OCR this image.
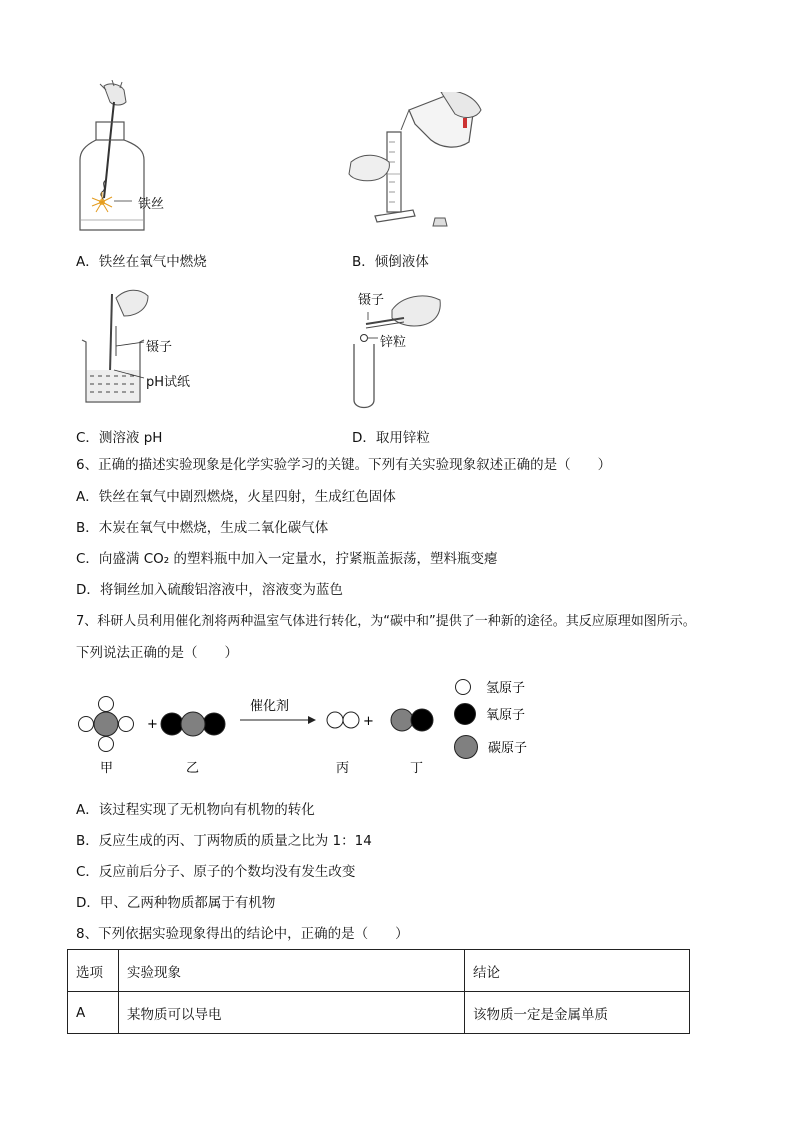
铁丝
A．铁丝在氧气中燃烧	B．倾倒液体
镊子
pH试纸
C．测溶液 pH
镊子
锌粒
D．取用锌粒
6、正确的描述实验现象是化学实验学习的关键。下列有关实验现象叙述正确的是（　　）
A．铁丝在氧气中剧烈燃烧，火星四射，生成红色固体
B．木炭在氧气中燃烧，生成二氧化碳气体
C．向盛满 CO₂ 的塑料瓶中加入一定量水，拧紧瓶盖振荡，塑料瓶变瘪
D．将铜丝加入硫酸铝溶液中，溶液变为蓝色
7、科研人员利用催化剂将两种温室气体进行转化，为“碳中和”提供了一种新的途径。其反应原理如图所示。
下列说法正确的是（　　）
+
催化剂
+
甲	乙	丙	丁
氢原子
氧原子
碳原子
A．该过程实现了无机物向有机物的转化
B．反应生成的丙、丁两物质的质量之比为 1：14
C．反应前后分子、原子的个数均没有发生改变
D．甲、乙两种物质都属于有机物
8、下列依据实验现象得出的结论中，正确的是（　　）
选项	实验现象	结论
A	某物质可以导电	该物质一定是金属单质
